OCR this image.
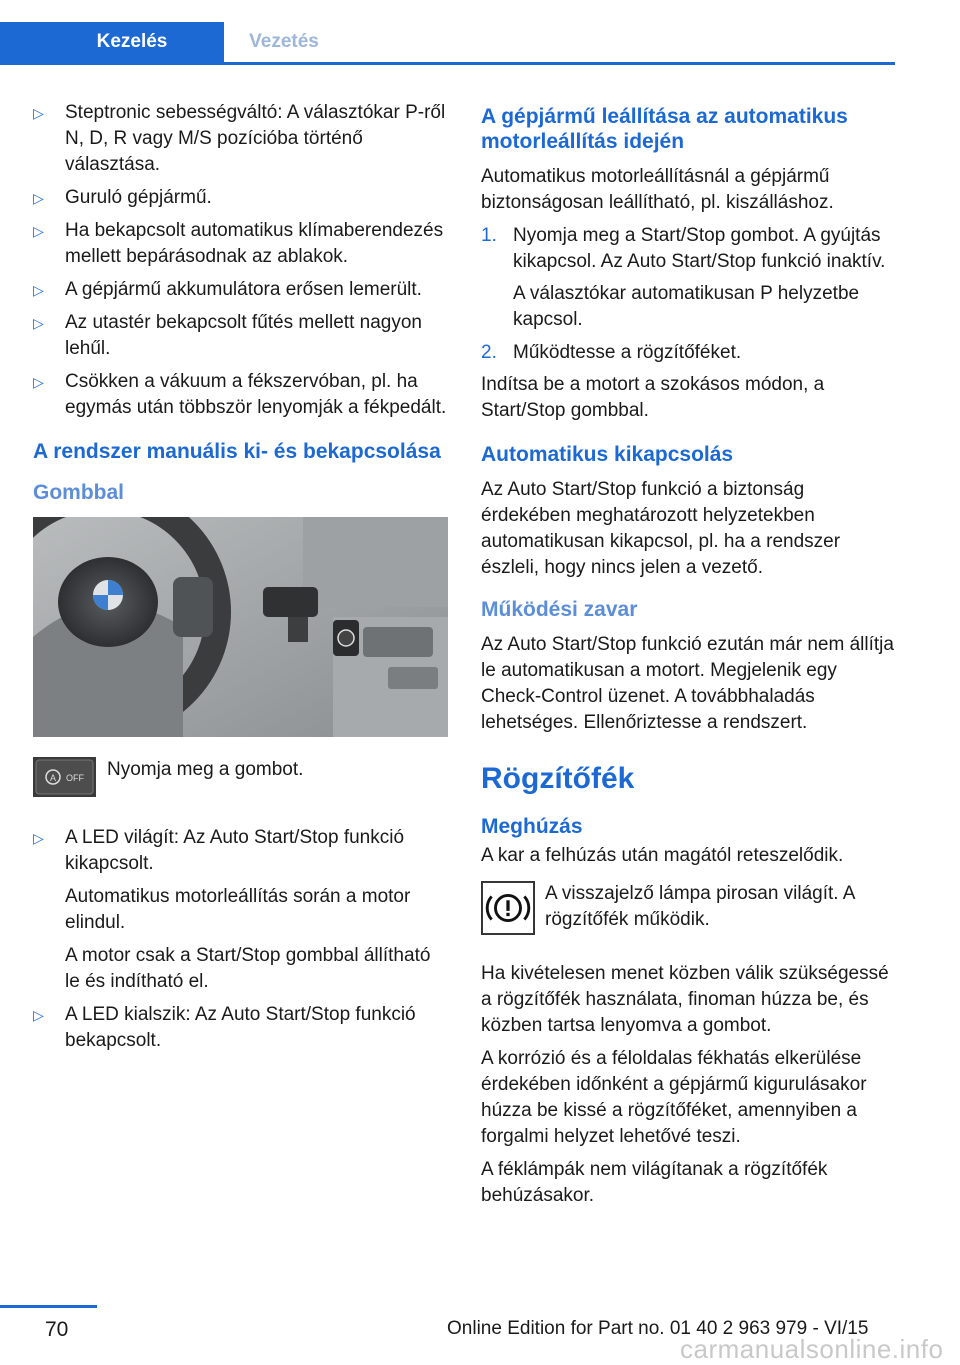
Kezelés	Vezetés
▷ Steptronic sebességváltó: A választókar P-ről N, D, R vagy M/S pozícióba történő választása.
▷ Guruló gépjármű.
▷ Ha bekapcsolt automatikus klímaberendezés mellett bepárásodnak az ablakok.
▷ A gépjármű akkumulátora erősen lemerült.
▷ Az utastér bekapcsolt fűtés mellett nagyon lehűl.
▷ Csökken a vákuum a fékszervóban, pl. ha egymás után többször lenyomják a fékpedált.
A rendszer manuális ki- és bekapcsolása
Gombbal
A OFF Nyomja meg a gombot.
▷ A LED világít: Az Auto Start/Stop funkció kikapcsolt.
Automatikus motorleállítás során a motor elindul.
A motor csak a Start/Stop gombbal állítható le és indítható el.
▷ A LED kialszik: Az Auto Start/Stop funkció bekapcsolt.
A gépjármű leállítása az automatikus motorleállítás idején
Automatikus motorleállításnál a gépjármű biztonságosan leállítható, pl. kiszálláshoz.
1. Nyomja meg a Start/Stop gombot. A gyújtás kikapcsol. Az Auto Start/Stop funkció inaktív.
A választókar automatikusan P helyzetbe kapcsol.
2. Működtesse a rögzítőféket.
Indítsa be a motort a szokásos módon, a Start/Stop gombbal.
Automatikus kikapcsolás
Az Auto Start/Stop funkció a biztonság érdekében meghatározott helyzetekben automatikusan kikapcsol, pl. ha a rendszer észleli, hogy nincs jelen a vezető.
Működési zavar
Az Auto Start/Stop funkció ezután már nem állítja le automatikusan a motort. Megjelenik egy Check-Control üzenet. A továbbhaladás lehetséges. Ellenőriztesse a rendszert.
Rögzítőfék
Meghúzás
A kar a felhúzás után magától reteszelődik.
A visszajelző lámpa pirosan világít. A rögzítőfék működik.
Ha kivételesen menet közben válik szükségessé a rögzítőfék használata, finoman húzza be, és közben tartsa lenyomva a gombot.
A korrózió és a féloldalas fékhatás elkerülése érdekében időnként a gépjármű kigurulásakor húzza be kissé a rögzítőféket, amennyiben a forgalmi helyzet lehetővé teszi.
A féklámpák nem világítanak a rögzítőfék behúzásakor.
70	Online Edition for Part no. 01 40 2 963 979 - VI/15
carmanualsonline.info
